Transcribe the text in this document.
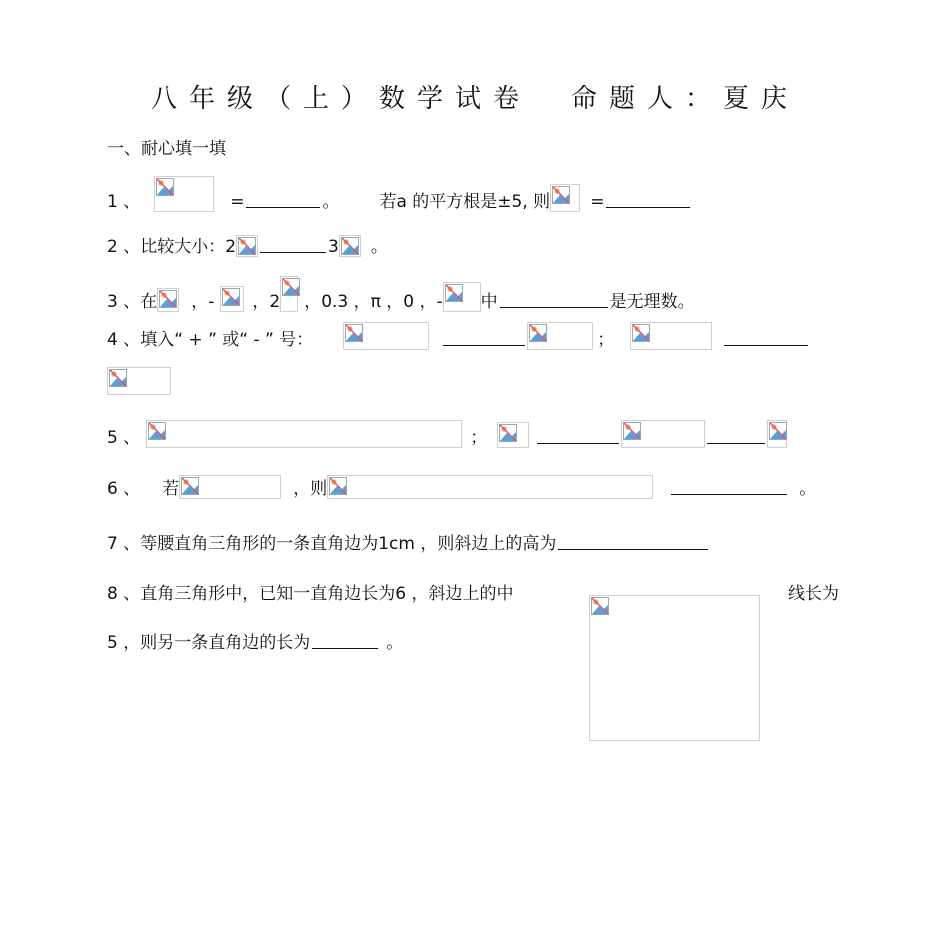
八年级（上）数学试卷 命题人：夏庆
一、耐心填一填
1 、	=	。 若a 的平方根是±5, 则 =
2 、比较大小：2	3 。
3 、在 ，- ，2 ，0.3 ，π ，0 ，- 中	是无理数。
4 、填入“ + ” 或“ - ” 号：	；
5 、	；
6 、 若	，则	。
7 、等腰直角三角形的一条直角边为1cm ，则斜边上的高为
8 、直角三角形中，已知一直角边长为6 ，斜边上的中	线长为
5 ，则另一条直角边的长为	。
